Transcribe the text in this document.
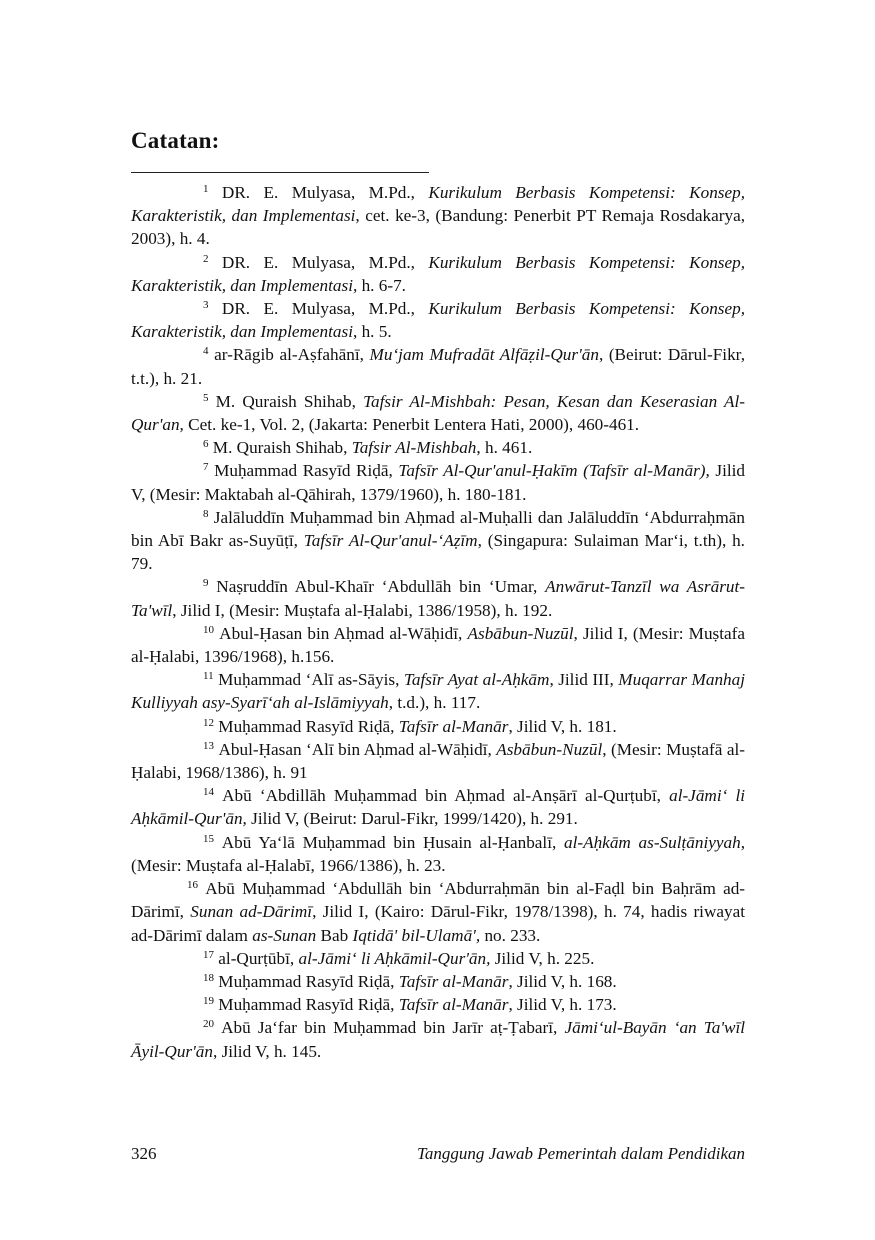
Catatan:

$^1$ DR. E. Mulyasa, M.Pd., Kurikulum Berbasis Kompetensi: Konsep, Karakteristik, dan Implementasi, cet. ke-3, (Bandung: Penerbit PT Remaja Rosdakarya, 2003), h. 4.

$^2$ DR. E. Mulyasa, M.Pd., Kurikulum Berbasis Kompetensi: Konsep, Karakteristik, dan Implementasi, h. 6-7.

$^3$ DR. E. Mulyasa, M.Pd., Kurikulum Berbasis Kompetensi: Konsep, Karakteristik, dan Implementasi, h. 5.

$^4$ ar-Rāgib al-Aṣfahānī, Mu‘jam Mufradāt Alfāẓil-Qur'ān, (Beirut: Dārul-Fikr, t.t.), h. 21.

$^5$ M. Quraish Shihab, Tafsir Al-Mishbah: Pesan, Kesan dan Keserasian Al-Qur'an, Cet. ke-1, Vol. 2, (Jakarta: Penerbit Lentera Hati, 2000), 460-461.

$^6$ M. Quraish Shihab, Tafsir Al-Mishbah, h. 461.

$^7$ Muḥammad Rasyīd Riḍā, Tafsīr Al-Qur'anul-Ḥakīm (Tafsīr al-Manār), Jilid V, (Mesir: Maktabah al-Qāhirah, 1379/1960), h. 180-181.

$^8$ Jalāluddīn Muḥammad bin Aḥmad al-Muḥalli dan Jalāluddīn ‘Abdurraḥmān bin Abī Bakr as-Suyūṭī, Tafsīr Al-Qur'anul-‘Aẓīm, (Singapura: Sulaiman Mar‘i, t.th), h. 79.

$^9$ Naṣruddīn Abul-Khaīr ‘Abdullāh bin ‘Umar, Anwārut-Tanzīl wa Asrārut-Ta'wīl, Jilid I, (Mesir: Muṣtafa al-Ḥalabi, 1386/1958), h. 192.

$^{10}$ Abul-Ḥasan bin Aḥmad al-Wāḥidī, Asbābun-Nuzūl, Jilid I, (Mesir: Muṣtafa al-Ḥalabi, 1396/1968), h.156.

$^{11}$ Muḥammad ‘Alī as-Sāyis, Tafsīr Ayat al-Aḥkām, Jilid III, Muqarrar Manhaj Kulliyyah asy-Syarī‘ah al-Islāmiyyah, t.d.), h. 117.

$^{12}$ Muḥammad Rasyīd Riḍā, Tafsīr al-Manār, Jilid V, h. 181.

$^{13}$ Abul-Ḥasan ‘Alī bin Aḥmad al-Wāḥidī, Asbābun-Nuzūl, (Mesir: Muṣtafā al-Ḥalabi, 1968/1386), h. 91

$^{14}$ Abū ‘Abdillāh Muḥammad bin Aḥmad al-Anṣārī al-Qurṭubī, al-Jāmi‘ li Aḥkāmil-Qur'ān, Jilid V, (Beirut: Darul-Fikr, 1999/1420), h. 291.

$^{15}$ Abū Ya‘lā Muḥammad bin Ḥusain al-Ḥanbalī, al-Aḥkām as-Sulṭāniyyah, (Mesir: Muṣtafa al-Ḥalabī, 1966/1386), h. 23.

$^{16}$ Abū Muḥammad ‘Abdullāh bin ‘Abdurraḥmān bin al-Faḍl bin Baḥrām ad-Dārimī, Sunan ad-Dārimī, Jilid I, (Kairo: Dārul-Fikr, 1978/1398), h. 74, hadis riwayat ad-Dārimī dalam as-Sunan Bab Iqtidā' bil-Ulamā', no. 233.

$^{17}$ al-Qurṭūbī, al-Jāmi‘ li Aḥkāmil-Qur'ān, Jilid V, h. 225.

$^{18}$ Muḥammad Rasyīd Riḍā, Tafsīr al-Manār, Jilid V, h. 168.

$^{19}$ Muḥammad Rasyīd Riḍā, Tafsīr al-Manār, Jilid V, h. 173.

$^{20}$ Abū Ja‘far bin Muḥammad bin Jarīr aṭ-Ṭabarī, Jāmi‘ul-Bayān ‘an Ta'wīl Āyil-Qur'ān, Jilid V, h. 145.

326	Tanggung Jawab Pemerintah dalam Pendidikan
